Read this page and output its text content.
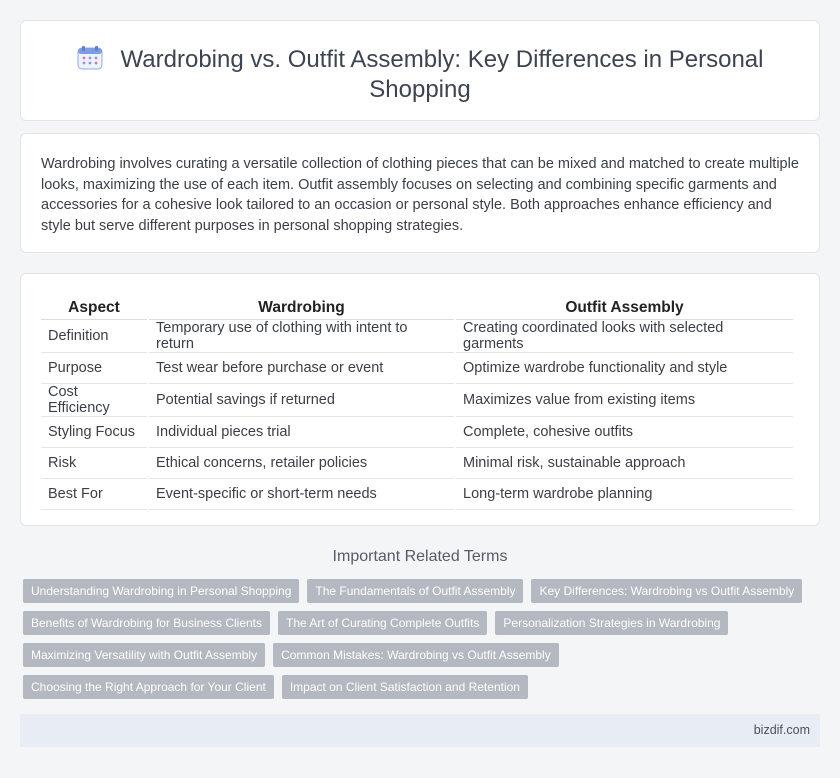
Wardrobing vs. Outfit Assembly: Key Differences in Personal Shopping

Wardrobing involves curating a versatile collection of clothing pieces that can be mixed and matched to create multiple looks, maximizing the use of each item. Outfit assembly focuses on selecting and combining specific garments and accessories for a cohesive look tailored to an occasion or personal style. Both approaches enhance efficiency and style but serve different purposes in personal shopping strategies.

Aspect	Wardrobing	Outfit Assembly
Definition	Temporary use of clothing with intent to return	Creating coordinated looks with selected garments
Purpose	Test wear before purchase or event	Optimize wardrobe functionality and style
Cost Efficiency	Potential savings if returned	Maximizes value from existing items
Styling Focus	Individual pieces trial	Complete, cohesive outfits
Risk	Ethical concerns, retailer policies	Minimal risk, sustainable approach
Best For	Event-specific or short-term needs	Long-term wardrobe planning
Important Related Terms
Understanding Wardrobing in Personal Shopping	The Fundamentals of Outfit Assembly	Key Differences: Wardrobing vs Outfit Assembly
Benefits of Wardrobing for Business Clients	The Art of Curating Complete Outfits	Personalization Strategies in Wardrobing
Maximizing Versatility with Outfit Assembly	Common Mistakes: Wardrobing vs Outfit Assembly
Choosing the Right Approach for Your Client	Impact on Client Satisfaction and Retention
bizdif.com
